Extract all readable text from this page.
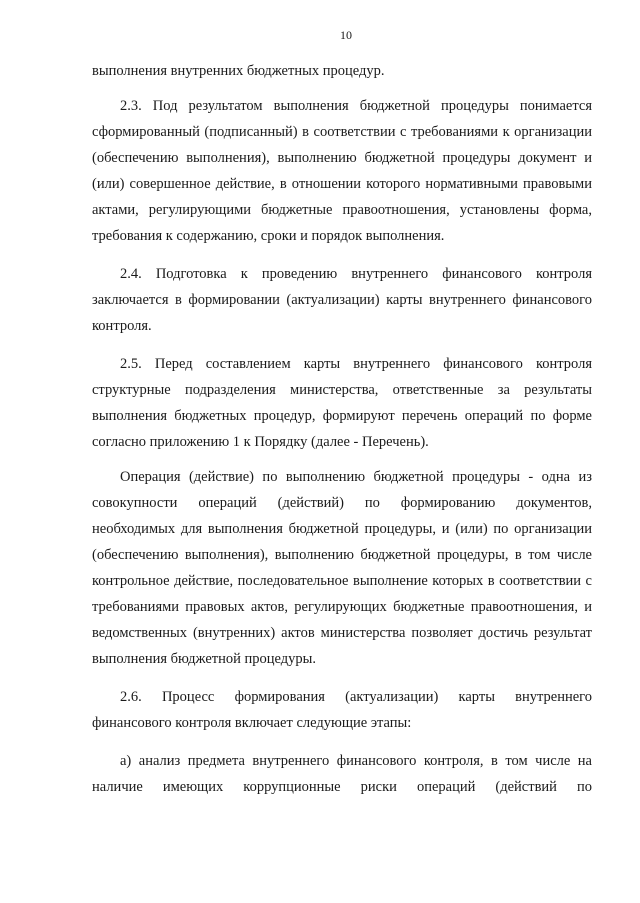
10

выполнения внутренних бюджетных процедур.

2.3. Под результатом выполнения бюджетной процедуры понимается сформированный (подписанный) в соответствии с требованиями к организации (обеспечению выполнения), выполнению бюджетной процедуры документ и (или) совершенное действие, в отношении которого нормативными правовыми актами, регулирующими бюджетные правоотношения, установлены форма, требования к содержанию, сроки и порядок выполнения.

2.4. Подготовка к проведению внутреннего финансового контроля заключается в формировании (актуализации) карты внутреннего финансового контроля.

2.5. Перед составлением карты внутреннего финансового контроля структурные подразделения министерства, ответственные за результаты выполнения бюджетных процедур, формируют перечень операций по форме согласно приложению 1 к Порядку (далее - Перечень).

Операция (действие) по выполнению бюджетной процедуры - одна из совокупности операций (действий) по формированию документов, необходимых для выполнения бюджетной процедуры, и (или) по организации (обеспечению выполнения), выполнению бюджетной процедуры, в том числе контрольное действие, последовательное выполнение которых в соответствии с требованиями правовых актов, регулирующих бюджетные правоотношения, и ведомственных (внутренних) актов министерства позволяет достичь результат выполнения бюджетной процедуры.

2.6. Процесс формирования (актуализации) карты внутреннего финансового контроля включает следующие этапы:

а) анализ предмета внутреннего финансового контроля, в том числе на наличие имеющих коррупционные риски операций (действий по
